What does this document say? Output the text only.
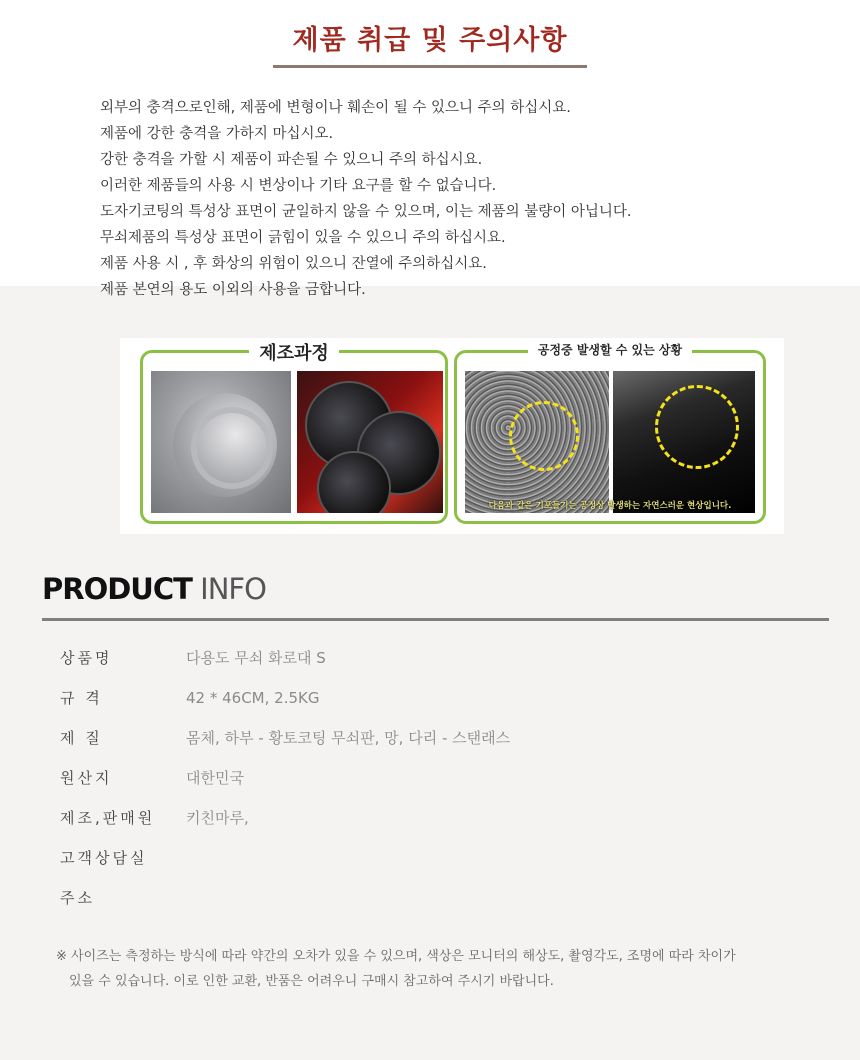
제품 취급 및 주의사항
외부의 충격으로인해, 제품에 변형이나 훼손이 될 수 있으니 주의 하십시요.
제품에 강한 충격을 가하지 마십시오.
강한 충격을 가할 시 제품이 파손될 수 있으니 주의 하십시요.
이러한 제품들의 사용 시 변상이나 기타 요구를 할 수 없습니다.
도자기코팅의 특성상 표면이 균일하지 않을 수 있으며, 이는 제품의 불량이 아닙니다.
무쇠제품의 특성상 표면이 긁힘이 있을 수 있으니 주의 하십시요.
제품 사용 시 , 후 화상의 위험이 있으니 잔열에 주의하십시요.
제품 본연의 용도 이외의 사용을 금합니다.
제조과정	공정중 발생할 수 있는 상황
다음과 같은 기포들기는 공정상 발생하는 자연스러운 현상입니다.
PRODUCT INFO
상품명	다용도 무쇠 화로대 S
규 격	42 * 46CM, 2.5KG
제 질	몸체, 하부 - 황토코팅 무쇠판, 망, 다리 - 스탠래스
원산지	대한민국
제조,판매원 키친마루,
고객상담실
주소
※ 사이즈는 측정하는 방식에 따라 약간의 오차가 있을 수 있으며, 색상은 모니터의 해상도, 촬영각도, 조명에 따라 차이가
있을 수 있습니다. 이로 인한 교환, 반품은 어려우니 구매시 참고하여 주시기 바랍니다.
